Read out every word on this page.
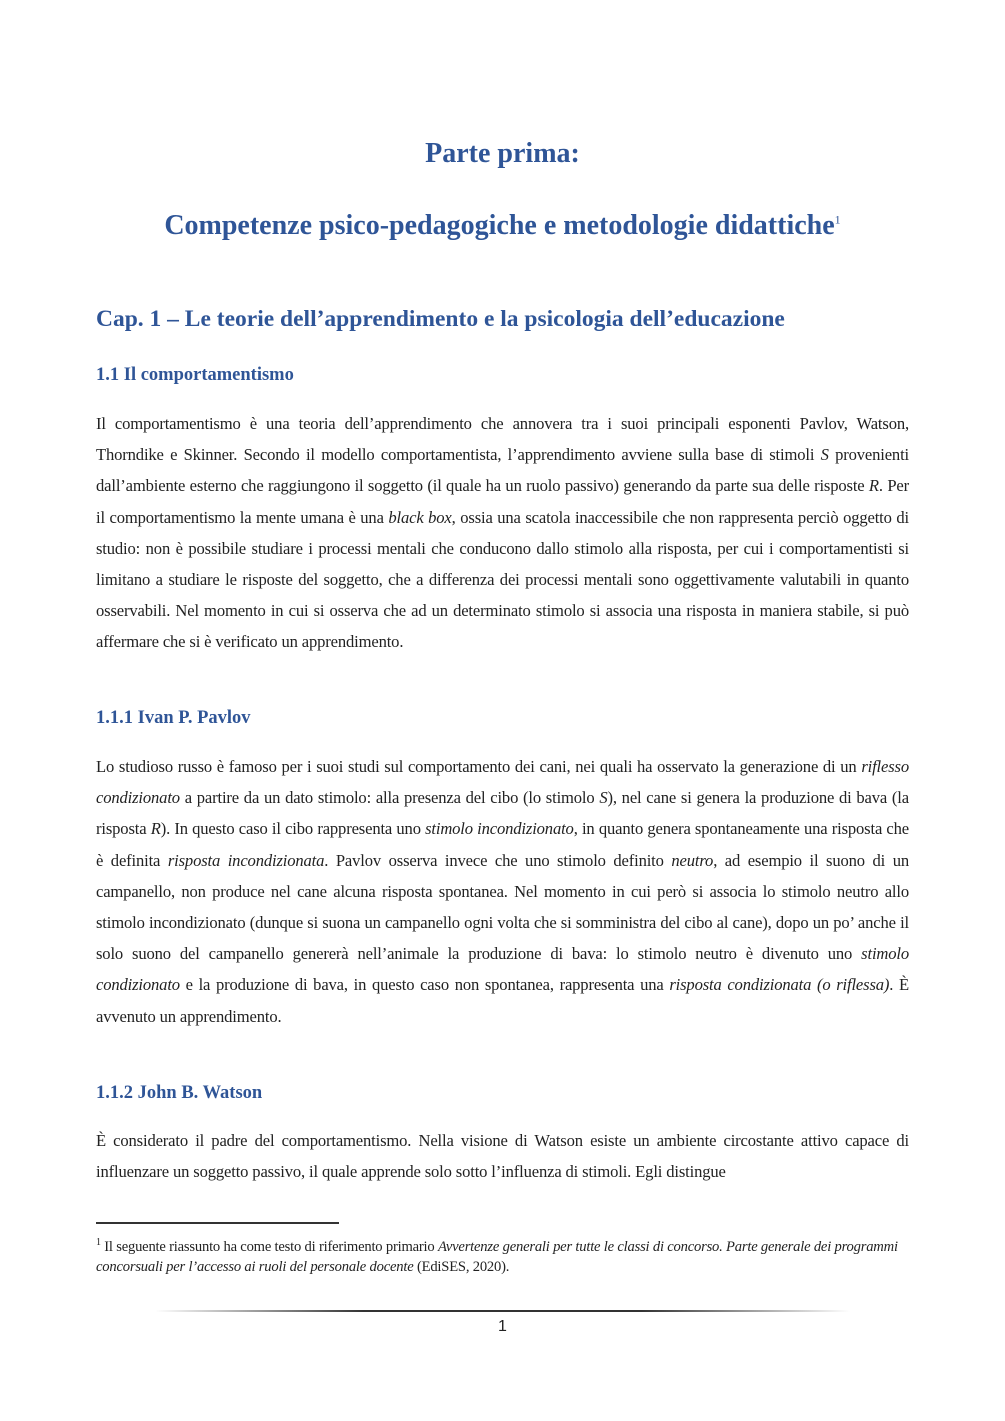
Parte prima:
Competenze psico-pedagogiche e metodologie didattiche$^1$
Cap. 1 – Le teorie dell’apprendimento e la psicologia dell’educazione
1.1 Il comportamentismo

Il comportamentismo è una teoria dell’apprendimento che annovera tra i suoi principali esponenti Pavlov, Watson, Thorndike e Skinner. Secondo il modello comportamentista, l’apprendimento avviene sulla base di stimoli S provenienti dall’ambiente esterno che raggiungono il soggetto (il quale ha un ruolo passivo) generando da parte sua delle risposte R. Per il comportamentismo la mente umana è una black box, ossia una scatola inaccessibile che non rappresenta perciò oggetto di studio: non è possibile studiare i processi mentali che conducono dallo stimolo alla risposta, per cui i comportamentisti si limitano a studiare le risposte del soggetto, che a differenza dei processi mentali sono oggettivamente valutabili in quanto osservabili. Nel momento in cui si osserva che ad un determinato stimolo si associa una risposta in maniera stabile, si può affermare che si è verificato un apprendimento.

1.1.1 Ivan P. Pavlov

Lo studioso russo è famoso per i suoi studi sul comportamento dei cani, nei quali ha osservato la generazione di un riflesso condizionato a partire da un dato stimolo: alla presenza del cibo (lo stimolo S), nel cane si genera la produzione di bava (la risposta R). In questo caso il cibo rappresenta uno stimolo incondizionato, in quanto genera spontaneamente una risposta che è definita risposta incondizionata. Pavlov osserva invece che uno stimolo definito neutro, ad esempio il suono di un campanello, non produce nel cane alcuna risposta spontanea. Nel momento in cui però si associa lo stimolo neutro allo stimolo incondizionato (dunque si suona un campanello ogni volta che si somministra del cibo al cane), dopo un po’ anche il solo suono del campanello genererà nell’animale la produzione di bava: lo stimolo neutro è divenuto uno stimolo condizionato e la produzione di bava, in questo caso non spontanea, rappresenta una risposta condizionata (o riflessa). È avvenuto un apprendimento.

1.1.2 John B. Watson

È considerato il padre del comportamentismo. Nella visione di Watson esiste un ambiente circostante attivo capace di influenzare un soggetto passivo, il quale apprende solo sotto l’influenza di stimoli. Egli distingue

$^1$ Il seguente riassunto ha come testo di riferimento primario Avvertenze generali per tutte le classi di concorso. Parte generale dei programmi concorsuali per l’accesso ai ruoli del personale docente (EdiSES, 2020).

1
